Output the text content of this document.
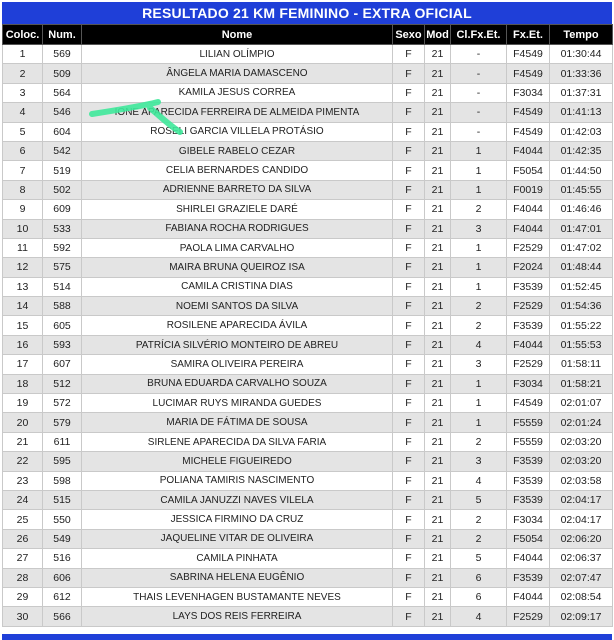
RESULTADO 21 KM FEMININO - EXTRA OFICIAL
Coloc.	Num.	Nome	Sexo	Mod	Cl.Fx.Et.	Fx.Et.	Tempo
1	569	LILIAN OLÍMPIO	F	21	-	F4549	01:30:44
2	509	ÂNGELA MARIA DAMASCENO	F	21	-	F4549	01:33:36
3	564	KAMILA JESUS CORREA	F	21	-	F3034	01:37:31
4	546	IONE APARECIDA FERREIRA DE ALMEIDA PIMENTA	F	21	-	F4549	01:41:13
5	604	ROSELI GARCIA VILLELA PROTÁSIO	F	21	-	F4549	01:42:03
6	542	GIBELE RABELO CEZAR	F	21	1	F4044	01:42:35
7	519	CELIA BERNARDES CANDIDO	F	21	1	F5054	01:44:50
8	502	ADRIENNE BARRETO DA SILVA	F	21	1	F0019	01:45:55
9	609	SHIRLEI GRAZIELE DARÉ	F	21	2	F4044	01:46:46
10	533	FABIANA ROCHA RODRIGUES	F	21	3	F4044	01:47:01
11	592	PAOLA LIMA CARVALHO	F	21	1	F2529	01:47:02
12	575	MAIRA BRUNA QUEIROZ ISA	F	21	1	F2024	01:48:44
13	514	CAMILA CRISTINA DIAS	F	21	1	F3539	01:52:45
14	588	NOEMI SANTOS DA SILVA	F	21	2	F2529	01:54:36
15	605	ROSILENE APARECIDA ÁVILA	F	21	2	F3539	01:55:22
16	593	PATRÍCIA SILVÉRIO MONTEIRO DE ABREU	F	21	4	F4044	01:55:53
17	607	SAMIRA OLIVEIRA PEREIRA	F	21	3	F2529	01:58:11
18	512	BRUNA EDUARDA CARVALHO SOUZA	F	21	1	F3034	01:58:21
19	572	LUCIMAR RUYS MIRANDA GUEDES	F	21	1	F4549	02:01:07
20	579	MARIA DE FÁTIMA DE SOUSA	F	21	1	F5559	02:01:24
21	611	SIRLENE APARECIDA DA SILVA FARIA	F	21	2	F5559	02:03:20
22	595	MICHELE FIGUEIREDO	F	21	3	F3539	02:03:20
23	598	POLIANA TAMIRIS NASCIMENTO	F	21	4	F3539	02:03:58
24	515	CAMILA JANUZZI NAVES VILELA	F	21	5	F3539	02:04:17
25	550	JESSICA FIRMINO DA CRUZ	F	21	2	F3034	02:04:17
26	549	JAQUELINE VITAR DE OLIVEIRA	F	21	2	F5054	02:06:20
27	516	CAMILA PINHATA	F	21	5	F4044	02:06:37
28	606	SABRINA HELENA EUGÊNIO	F	21	6	F3539	02:07:47
29	612	THAIS LEVENHAGEN BUSTAMANTE NEVES	F	21	6	F4044	02:08:54
30	566	LAYS DOS REIS FERREIRA	F	21	4	F2529	02:09:17
